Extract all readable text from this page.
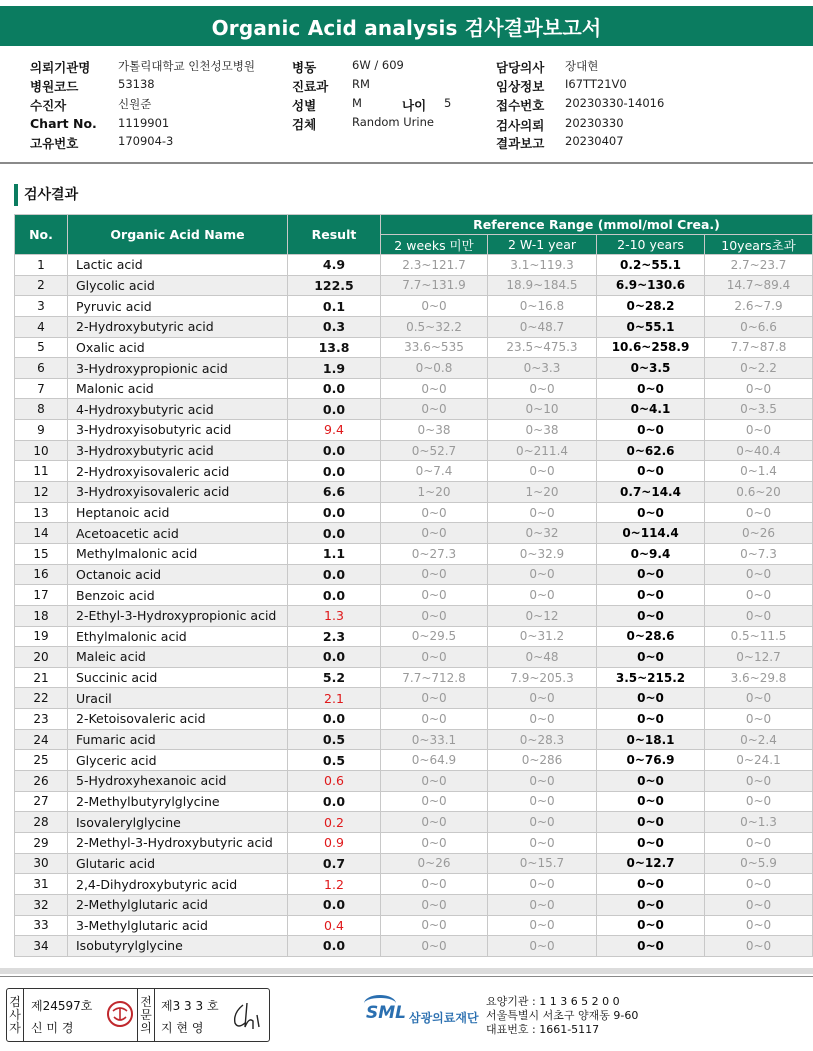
Organic Acid analysis 검사결과보고서
의뢰기관명 가톨릭대학교 인천성모병원
병원코드	53138
수진자	신원준
Chart No. 1119901
고유번호	170904-3
병동	6W / 609
진료과 RM
성별	M	나이 5
검체	Random Urine
담당의사 장대현
임상정보 I67TT21V0
접수번호 20230330-14016
검사의뢰 20230330
결과보고 20230407
검사결과
No.	Organic Acid Name	Result	Reference Range (mmol/mol Crea.)			
			2 weeks 미만	2 W-1 year	2-10 years	10years초과
1	Lactic acid	4.9	2.3~121.7	3.1~119.3	0.2~55.1	2.7~23.7
2	Glycolic acid	122.5	7.7~131.9	18.9~184.5	6.9~130.6	14.7~89.4
3	Pyruvic acid	0.1	0~0	0~16.8	0~28.2	2.6~7.9
4	2-Hydroxybutyric acid	0.3	0.5~32.2	0~48.7	0~55.1	0~6.6
5	Oxalic acid	13.8	33.6~535	23.5~475.3	10.6~258.9	7.7~87.8
6	3-Hydroxypropionic acid	1.9	0~0.8	0~3.3	0~3.5	0~2.2
7	Malonic acid	0.0	0~0	0~0	0~0	0~0
8	4-Hydroxybutyric acid	0.0	0~0	0~10	0~4.1	0~3.5
9	3-Hydroxyisobutyric acid	9.4	0~38	0~38	0~0	0~0
10	3-Hydroxybutyric acid	0.0	0~52.7	0~211.4	0~62.6	0~40.4
11	2-Hydroxyisovaleric acid	0.0	0~7.4	0~0	0~0	0~1.4
12	3-Hydroxyisovaleric acid	6.6	1~20	1~20	0.7~14.4	0.6~20
13	Heptanoic acid	0.0	0~0	0~0	0~0	0~0
14	Acetoacetic acid	0.0	0~0	0~32	0~114.4	0~26
15	Methylmalonic acid	1.1	0~27.3	0~32.9	0~9.4	0~7.3
16	Octanoic acid	0.0	0~0	0~0	0~0	0~0
17	Benzoic acid	0.0	0~0	0~0	0~0	0~0
18	2-Ethyl-3-Hydroxypropionic acid	1.3	0~0	0~12	0~0	0~0
19	Ethylmalonic acid	2.3	0~29.5	0~31.2	0~28.6	0.5~11.5
20	Maleic acid	0.0	0~0	0~48	0~0	0~12.7
21	Succinic acid	5.2	7.7~712.8	7.9~205.3	3.5~215.2	3.6~29.8
22	Uracil	2.1	0~0	0~0	0~0	0~0
23	2-Ketoisovaleric acid	0.0	0~0	0~0	0~0	0~0
24	Fumaric acid	0.5	0~33.1	0~28.3	0~18.1	0~2.4
25	Glyceric acid	0.5	0~64.9	0~286	0~76.9	0~24.1
26	5-Hydroxyhexanoic acid	0.6	0~0	0~0	0~0	0~0
27	2-Methylbutyrylglycine	0.0	0~0	0~0	0~0	0~0
28	Isovalerylglycine	0.2	0~0	0~0	0~0	0~1.3
29	2-Methyl-3-Hydroxybutyric acid	0.9	0~0	0~0	0~0	0~0
30	Glutaric acid	0.7	0~26	0~15.7	0~12.7	0~5.9
31	2,4-Dihydroxybutyric acid	1.2	0~0	0~0	0~0	0~0
32	2-Methylglutaric acid	0.0	0~0	0~0	0~0	0~0
33	3-Methylglutaric acid	0.4	0~0	0~0	0~0	0~0
34	Isobutyrylglycine	0.0	0~0	0~0	0~0	0~0
검
사
자
제24597호
신 미 경
전
문
의
제3 3 3 호
지 현 영
SML 삼광의료재단
요양기관 : 1 1 3 6 5 2 0 0
서울특별시 서초구 양재동 9-60
대표번호 : 1661-5117
